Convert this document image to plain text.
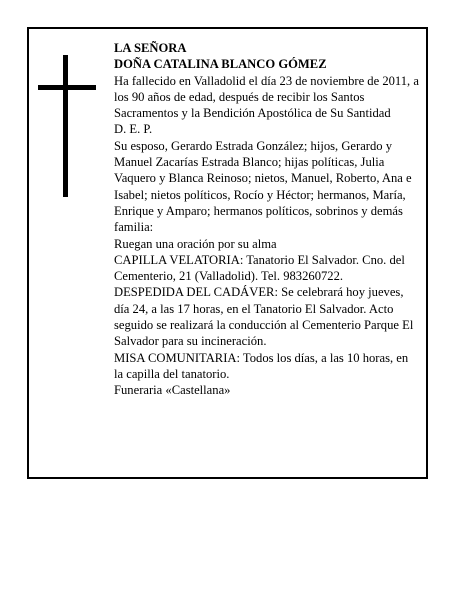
LA SEÑORA

DOÑA CATALINA BLANCO GÓMEZ

Ha fallecido en Valladolid el día 23 de noviembre de 2011, a los 90 años de edad, después de recibir los Santos Sacramentos y la Bendición Apostólica de Su Santidad

D. E. P.

Su esposo, Gerardo Estrada González; hijos, Gerardo y Manuel Zacarías Estrada Blanco; hijas políticas, Julia Vaquero y Blanca Reinoso; nietos, Manuel, Roberto, Ana e Isabel; nietos políticos, Rocío y Héctor; hermanos, María, Enrique y Amparo; hermanos políticos, sobrinos y demás familia:

Ruegan una oración por su alma

CAPILLA VELATORIA: Tanatorio El Salvador. Cno. del Cementerio, 21 (Valladolid). Tel. 983260722.

DESPEDIDA DEL CADÁVER: Se celebrará hoy jueves, día 24, a las 17 horas, en el Tanatorio El Salvador. Acto seguido se realizará la conducción al Cementerio Parque El Salvador para su incineración.

MISA COMUNITARIA: Todos los días, a las 10 horas, en la capilla del tanatorio.

Funeraria «Castellana»
